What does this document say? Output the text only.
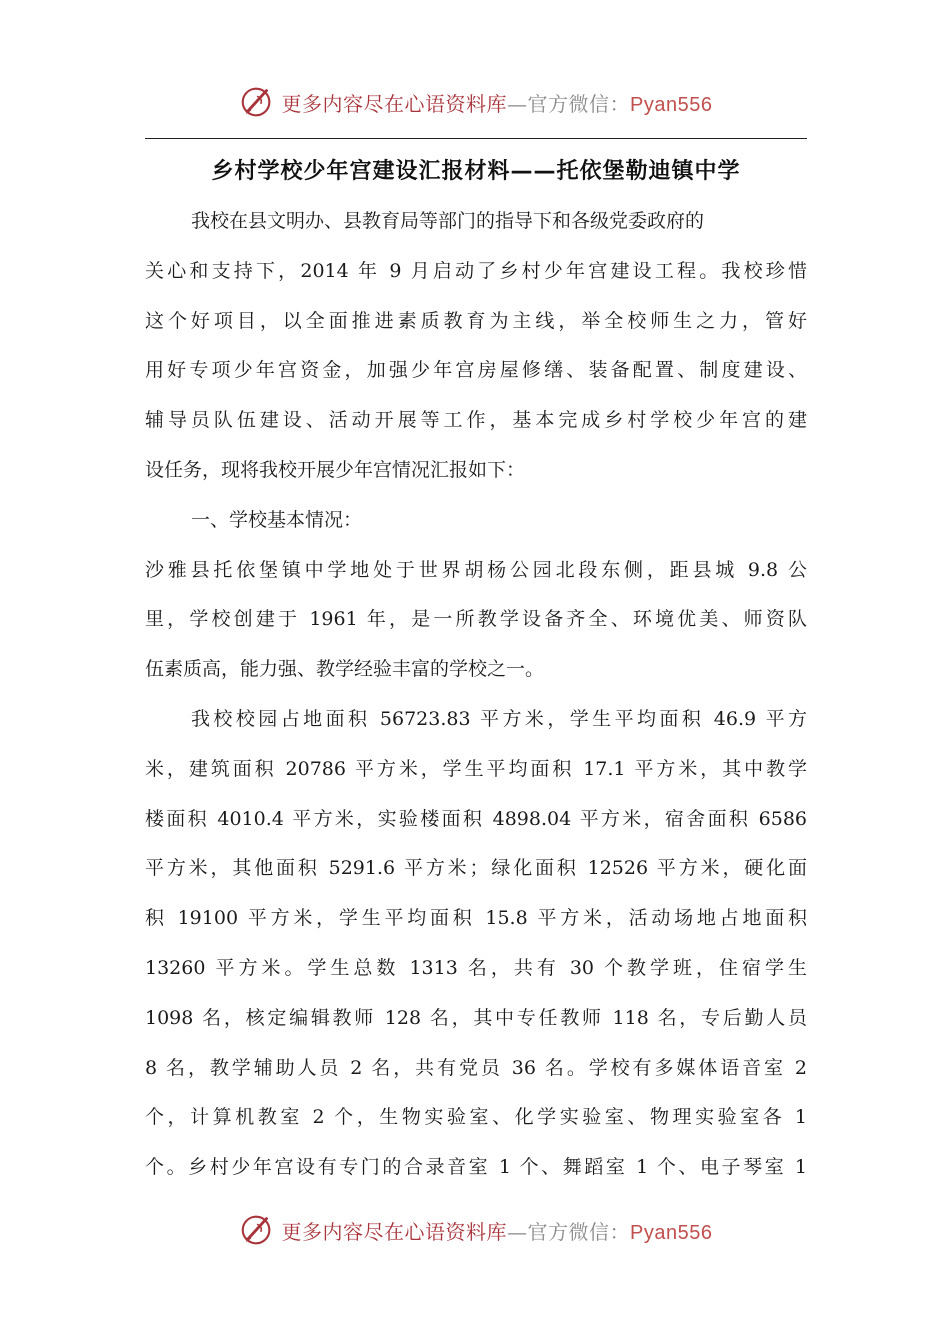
更多内容尽在心语资料库—官方微信：Pyan556
乡村学校少年宫建设汇报材料——托依堡勒迪镇中学
我校在县文明办、县教育局等部门的指导下和各级党委政府的
关心和支持下，2014 年 9 月启动了乡村少年宫建设工程。我校珍惜
这个好项目，以全面推进素质教育为主线，举全校师生之力，管好
用好专项少年宫资金，加强少年宫房屋修缮、装备配置、制度建设、
辅导员队伍建设、活动开展等工作，基本完成乡村学校少年宫的建
设任务，现将我校开展少年宫情况汇报如下：
一、学校基本情况：
沙雅县托依堡镇中学地处于世界胡杨公园北段东侧，距县城 9.8 公
里，学校创建于 1961 年，是一所教学设备齐全、环境优美、师资队
伍素质高，能力强、教学经验丰富的学校之一。
我校校园占地面积 56723.83 平方米，学生平均面积 46.9 平方
米，建筑面积 20786 平方米，学生平均面积 17.1 平方米，其中教学
楼面积 4010.4 平方米，实验楼面积 4898.04 平方米，宿舍面积 6586
平方米，其他面积 5291.6 平方米；绿化面积 12526 平方米，硬化面
积 19100 平方米，学生平均面积 15.8 平方米，活动场地占地面积
13260 平方米。学生总数 1313 名，共有 30 个教学班，住宿学生
1098 名，核定编辑教师 128 名，其中专任教师 118 名，专后勤人员
8 名，教学辅助人员 2 名，共有党员 36 名。学校有多媒体语音室 2
个，计算机教室 2 个，生物实验室、化学实验室、物理实验室各 1
个。乡村少年宫设有专门的合录音室 1 个、舞蹈室 1 个、电子琴室 1
更多内容尽在心语资料库—官方微信：Pyan556
